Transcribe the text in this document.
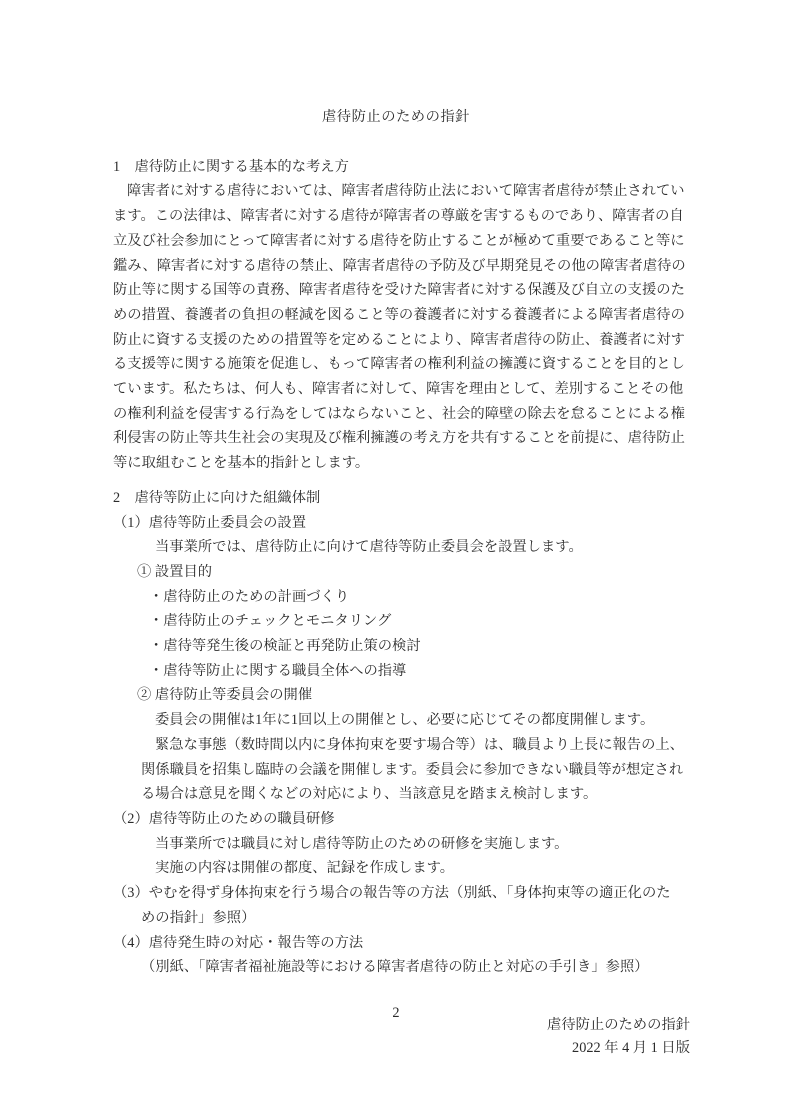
虐待防止のための指針
1　虐待防止に関する基本的な考え方
障害者に対する虐待においては、障害者虐待防止法において障害者虐待が禁止されてい
ます。この法律は、障害者に対する虐待が障害者の尊厳を害するものであり、障害者の自
立及び社会参加にとって障害者に対する虐待を防止することが極めて重要であること等に
鑑み、障害者に対する虐待の禁止、障害者虐待の予防及び早期発見その他の障害者虐待の
防止等に関する国等の責務、障害者虐待を受けた障害者に対する保護及び自立の支援のた
めの措置、養護者の負担の軽減を図ること等の養護者に対する養護者による障害者虐待の
防止に資する支援のための措置等を定めることにより、障害者虐待の防止、養護者に対す
る支援等に関する施策を促進し、もって障害者の権利利益の擁護に資することを目的とし
ています。私たちは、何人も、障害者に対して、障害を理由として、差別することその他
の権利利益を侵害する行為をしてはならないこと、社会的障壁の除去を怠ることによる権
利侵害の防止等共生社会の実現及び権利擁護の考え方を共有することを前提に、虐待防止
等に取組むことを基本的指針とします。
2　虐待等防止に向けた組織体制
（1）虐待等防止委員会の設置
当事業所では、虐待防止に向けて虐待等防止委員会を設置します。
① 設置目的
・虐待防止のための計画づくり
・虐待防止のチェックとモニタリング
・虐待等発生後の検証と再発防止策の検討
・虐待等防止に関する職員全体への指導
② 虐待防止等委員会の開催
委員会の開催は1年に1回以上の開催とし、必要に応じてその都度開催します。
緊急な事態（数時間以内に身体拘束を要す場合等）は、職員より上長に報告の上、
関係職員を招集し臨時の会議を開催します。委員会に参加できない職員等が想定され
る場合は意見を聞くなどの対応により、当該意見を踏まえ検討します。
（2）虐待等防止のための職員研修
当事業所では職員に対し虐待等防止のための研修を実施します。
実施の内容は開催の都度、記録を作成します。
（3）やむを得ず身体拘束を行う場合の報告等の方法（別紙、「身体拘束等の適正化のた
めの指針」参照）
（4）虐待発生時の対応・報告等の方法
（別紙、「障害者福祉施設等における障害者虐待の防止と対応の手引き」参照）
2
虐待防止のための指針
2022 年 4 月 1 日版
